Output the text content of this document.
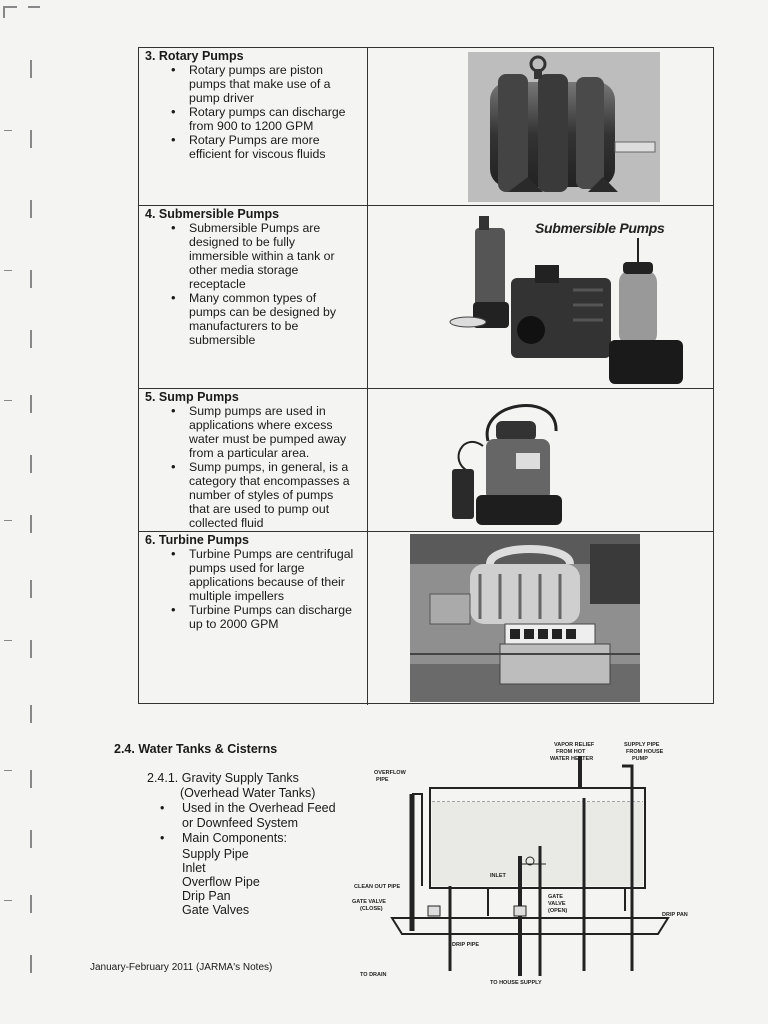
3. Rotary Pumps
• Rotary pumps are piston pumps that make use of a pump driver
• Rotary pumps can discharge from 900 to 1200 GPM
• Rotary Pumps are more efficient for viscous fluids
4. Submersible Pumps
• Submersible Pumps are designed to be fully immersible within a tank or other media storage receptacle
• Many common types of pumps can be designed by manufacturers to be submersible
Submersible Pumps
5. Sump Pumps
• Sump pumps are used in applications where excess water must be pumped away from a particular area.
• Sump pumps, in general, is a category that encompasses a number of styles of pumps that are used to pump out collected fluid
6. Turbine Pumps
• Turbine Pumps are centrifugal pumps used for large applications because of their multiple impellers
• Turbine Pumps can discharge up to 2000 GPM
2.4. Water Tanks & Cisterns
2.4.1. Gravity Supply Tanks
(Overhead Water Tanks)
• Used in the Overhead Feed or Downfeed System
• Main Components:
Supply Pipe
Inlet
Overflow Pipe
Drip Pan
Gate Valves
VAPOR RELIEF
FROM HOT
WATER HEATER
SUPPLY PIPE
FROM HOUSE
PUMP
OVERFLOW
PIPE
INLET
CLEAN OUT PIPE
GATE VALVE
(CLOSE)
GATE
VALVE
(OPEN)
DRIP PAN
DRIP PIPE
TO DRAIN
TO HOUSE SUPPLY
January-February 2011 (JARMA's Notes)
